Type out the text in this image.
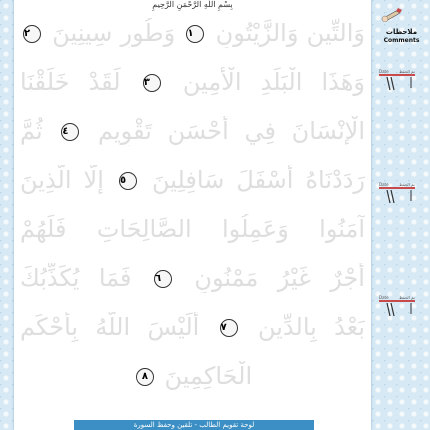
بِسْمِ اللَّهِ الرَّحْمَنِ الرَّحِيمِ
وَالتِّينِ وَالزَّيْتُونِ ١ وَطُورِ سِينِينَ ٢
وَهَذَا الْبَلَدِ الْأَمِينِ ٣ لَقَدْ خَلَقْنَا
الْإِنْسَانَ فِي أَحْسَنِ تَقْوِيمٍ ٤ ثُمَّ
رَدَدْنَاهُ أَسْفَلَ سَافِلِينَ ٥ إِلَّا الَّذِينَ
آمَنُوا وَعَمِلُوا الصَّالِحَاتِ فَلَهُمْ
أَجْرٌ غَيْرُ مَمْنُونٍ ٦ فَمَا يُكَذِّبُكَ
بَعْدُ بِالدِّينِ ٧ أَلَيْسَ اللَّهُ بِأَحْكَمِ
الْحَاكِمِينَ ٨
لوحة تقويم الطالب - تلقين وحفظ السورة
ملاحظات
Comments
Date	تم الحفظ
Date	تم الحفظ
Date	تم الحفظ
